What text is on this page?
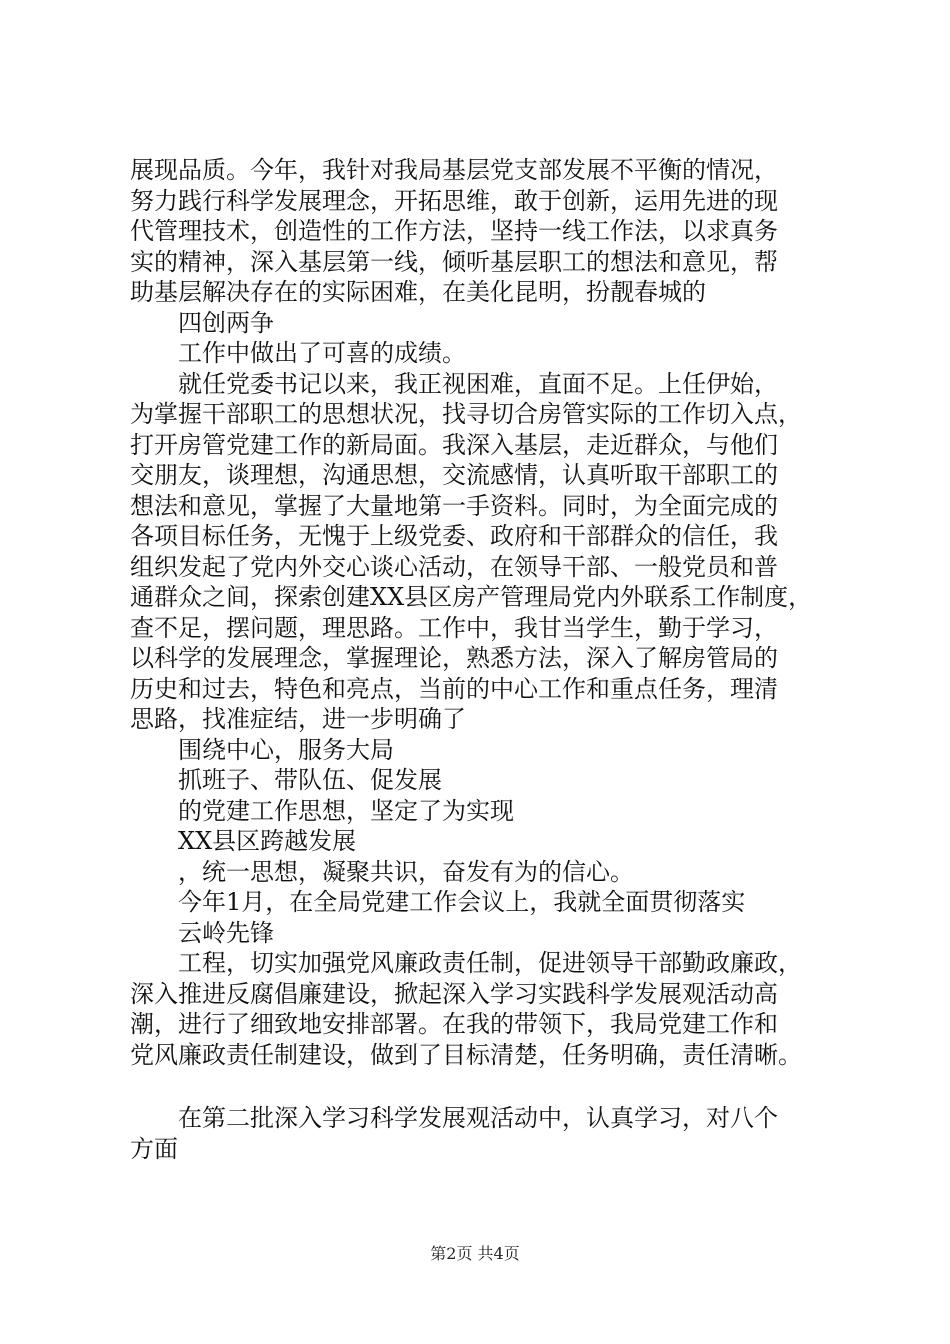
展现品质。今年，我针对我局基层党支部发展不平衡的情况，
努力践行科学发展理念，开拓思维，敢于创新，运用先进的现
代管理技术，创造性的工作方法，坚持一线工作法，以求真务
实的精神，深入基层第一线，倾听基层职工的想法和意见，帮
助基层解决存在的实际困难，在美化昆明，扮靓春城的
四创两争
工作中做出了可喜的成绩。
就任党委书记以来，我正视困难，直面不足。上任伊始，
为掌握干部职工的思想状况，找寻切合房管实际的工作切入点，
打开房管党建工作的新局面。我深入基层，走近群众，与他们
交朋友，谈理想，沟通思想，交流感情，认真听取干部职工的
想法和意见，掌握了大量地第一手资料。同时，为全面完成的
各项目标任务，无愧于上级党委、政府和干部群众的信任，我
组织发起了党内外交心谈心活动，在领导干部、一般党员和普
通群众之间，探索创建XX县区房产管理局党内外联系工作制度，
查不足，摆问题，理思路。工作中，我甘当学生，勤于学习，
以科学的发展理念，掌握理论，熟悉方法，深入了解房管局的
历史和过去，特色和亮点，当前的中心工作和重点任务，理清
思路，找准症结，进一步明确了
围绕中心，服务大局
抓班子、带队伍、促发展
的党建工作思想，坚定了为实现
XX县区跨越发展
，统一思想，凝聚共识，奋发有为的信心。
今年1月，在全局党建工作会议上，我就全面贯彻落实
云岭先锋
工程，切实加强党风廉政责任制，促进领导干部勤政廉政，
深入推进反腐倡廉建设，掀起深入学习实践科学发展观活动高
潮，进行了细致地安排部署。在我的带领下，我局党建工作和
党风廉政责任制建设，做到了目标清楚，任务明确，责任清晰。
在第二批深入学习科学发展观活动中，认真学习，对八个
方面
第2页 共4页
